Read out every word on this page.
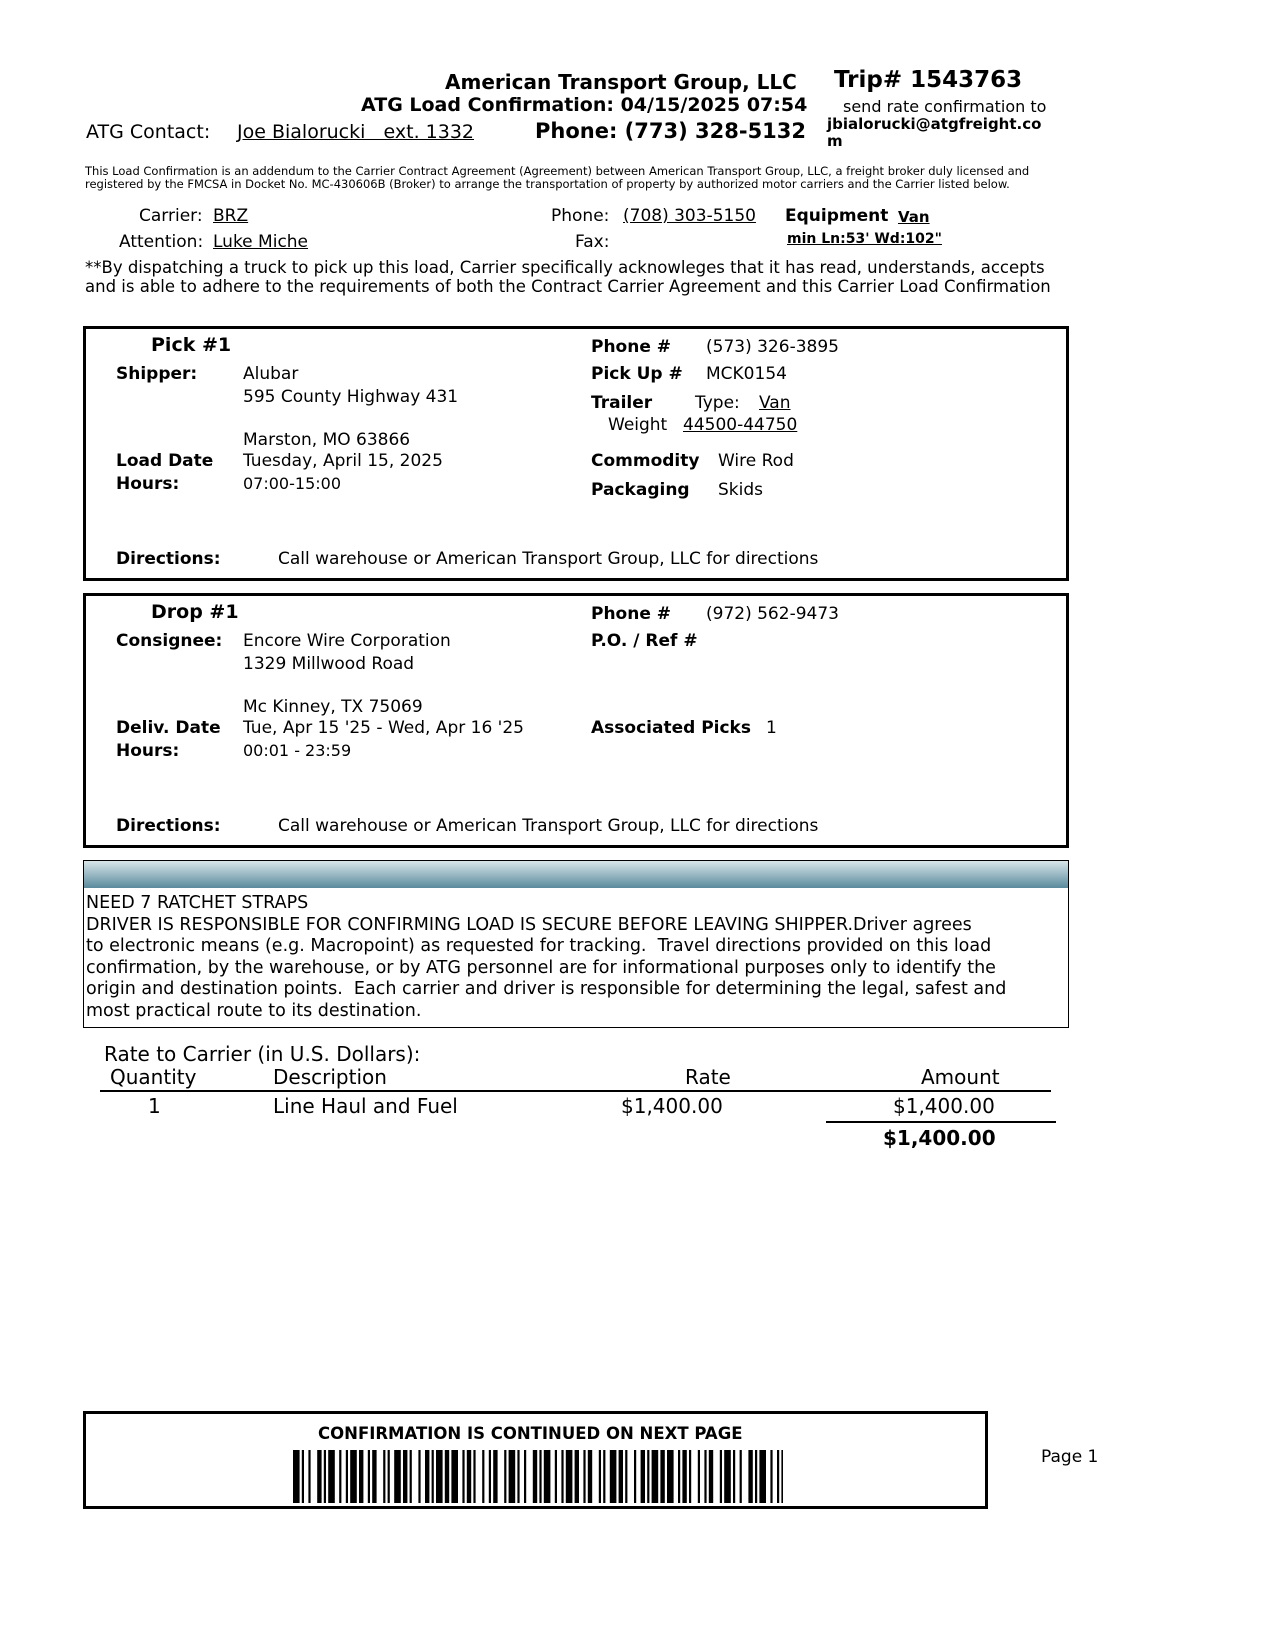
American Transport Group, LLC Trip# 1543763
ATG Load Confirmation: 04/15/2025 07:54 send rate confirmation to
jbialorucki@atgfreight.co
m
ATG Contact: Joe Bialorucki   ext. 1332	Phone: (773) 328-5132
This Load Confirmation is an addendum to the Carrier Contract Agreement (Agreement) between American Transport Group, LLC, a freight broker duly licensed and
registered by the FMCSA in Docket No. MC-430606B (Broker) to arrange the transportation of property by authorized motor carriers and the Carrier listed below.
Carrier: BRZ
Attention: Luke Miche
Phone: (708) 303-5150
Fax:
Equipment Van
min Ln:53' Wd:102"
**By dispatching a truck to pick up this load, Carrier specifically acknowleges that it has read, understands, accepts
and is able to adhere to the requirements of both the Contract Carrier Agreement and this Carrier Load Confirmation
Pick #1
Shipper:	Alubar
595 County Highway 431
Marston, MO 63866
Load Date Tuesday, April 15, 2025
Hours:	07:00-15:00
Phone # (573) 326-3895
Pick Up # MCK0154
Trailer	Type: Van
Weight 44500-44750
Commodity Wire Rod
Packaging Skids
Directions:	Call warehouse or American Transport Group, LLC for directions
Drop #1
Consignee: Encore Wire Corporation
1329 Millwood Road
Mc Kinney, TX 75069
Deliv. Date Tue, Apr 15 '25 - Wed, Apr 16 '25
Hours:	00:01 - 23:59
Phone # (972) 562-9473
P.O. / Ref #
Associated Picks 1
Directions:	Call warehouse or American Transport Group, LLC for directions
NEED 7 RATCHET STRAPS
DRIVER IS RESPONSIBLE FOR CONFIRMING LOAD IS SECURE BEFORE LEAVING SHIPPER.Driver agrees
to electronic means (e.g. Macropoint) as requested for tracking.  Travel directions provided on this load
confirmation, by the warehouse, or by ATG personnel are for informational purposes only to identify the
origin and destination points.  Each carrier and driver is responsible for determining the legal, safest and
most practical route to its destination.
Rate to Carrier (in U.S. Dollars):
Quantity	Description	Rate	Amount
1	Line Haul and Fuel	$1,400.00	$1,400.00
$1,400.00
CONFIRMATION IS CONTINUED ON NEXT PAGE
Page 1
